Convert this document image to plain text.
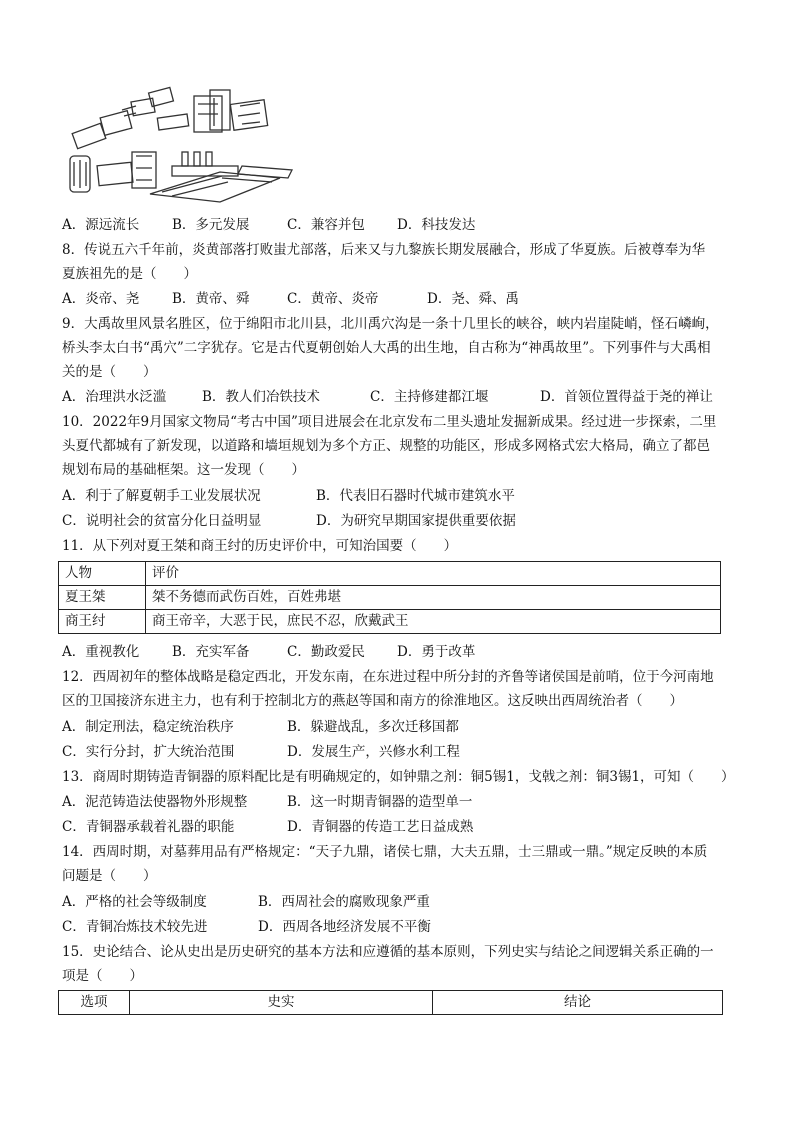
A．源远流长 B．多元发展	C．兼容并包 D．科技发达
8．传说五六千年前，炎黄部落打败蚩尤部落，后来又与九黎族长期发展融合，形成了华夏族。后被尊奉为华
夏族祖先的是（　　）
A．炎帝、尧 B．黄帝、舜	C．黄帝、炎帝	D．尧、舜、禹
9．大禹故里风景名胜区，位于绵阳市北川县，北川禹穴沟是一条十几里长的峡谷，峡内岩崖陡峭，怪石嶙峋，
桥头李太白书“禹穴”二字犹存。它是古代夏朝创始人大禹的出生地，自古称为“神禹故里”。下列事件与大禹相
关的是（　　）
A．治理洪水泛滥	B．教人们冶铁技术	C．主持修建都江堰	D．首领位置得益于尧的禅让
10．2022年9月国家文物局“考古中国”项目进展会在北京发布二里头遗址发掘新成果。经过进一步探索，二里
头夏代都城有了新发现，以道路和墙垣规划为多个方正、规整的功能区，形成多网格式宏大格局，确立了都邑
规划布局的基础框架。这一发现（　　）
A．利于了解夏朝手工业发展状况	B．代表旧石器时代城市建筑水平
C．说明社会的贫富分化日益明显	D．为研究早期国家提供重要依据
11．从下列对夏王桀和商王纣的历史评价中，可知治国要（　　）
人物	评价
夏王桀	桀不务德而武伤百姓，百姓弗堪
商王纣	商王帝辛，大恶于民，庶民不忍，欣戴武王
A．重视教化 B．充实军备	C．勤政爱民 D．勇于改革
12．西周初年的整体战略是稳定西北，开发东南，在东进过程中所分封的齐鲁等诸侯国是前哨，位于今河南地
区的卫国接济东进主力，也有利于控制北方的燕赵等国和南方的徐淮地区。这反映出西周统治者（　　）
A．制定刑法，稳定统治秩序	B．躲避战乱，多次迁移国都
C．实行分封，扩大统治范围	D．发展生产，兴修水利工程
13．商周时期铸造青铜器的原料配比是有明确规定的，如钟鼎之剂：铜5锡1，戈戟之剂：铜3锡1，可知（　　）
A．泥范铸造法使器物外形规整	B．这一时期青铜器的造型单一
C．青铜器承载着礼器的职能	D．青铜器的传造工艺日益成熟
14．西周时期，对墓葬用品有严格规定：“天子九鼎，诸侯七鼎，大夫五鼎，士三鼎或一鼎。”规定反映的本质
问题是（　　）
A．严格的社会等级制度	B．西周社会的腐败现象严重
C．青铜冶炼技术较先进	D．西周各地经济发展不平衡
15．史论结合、论从史出是历史研究的基本方法和应遵循的基本原则，下列史实与结论之间逻辑关系正确的一
项是（　　）
选项	史实	结论
